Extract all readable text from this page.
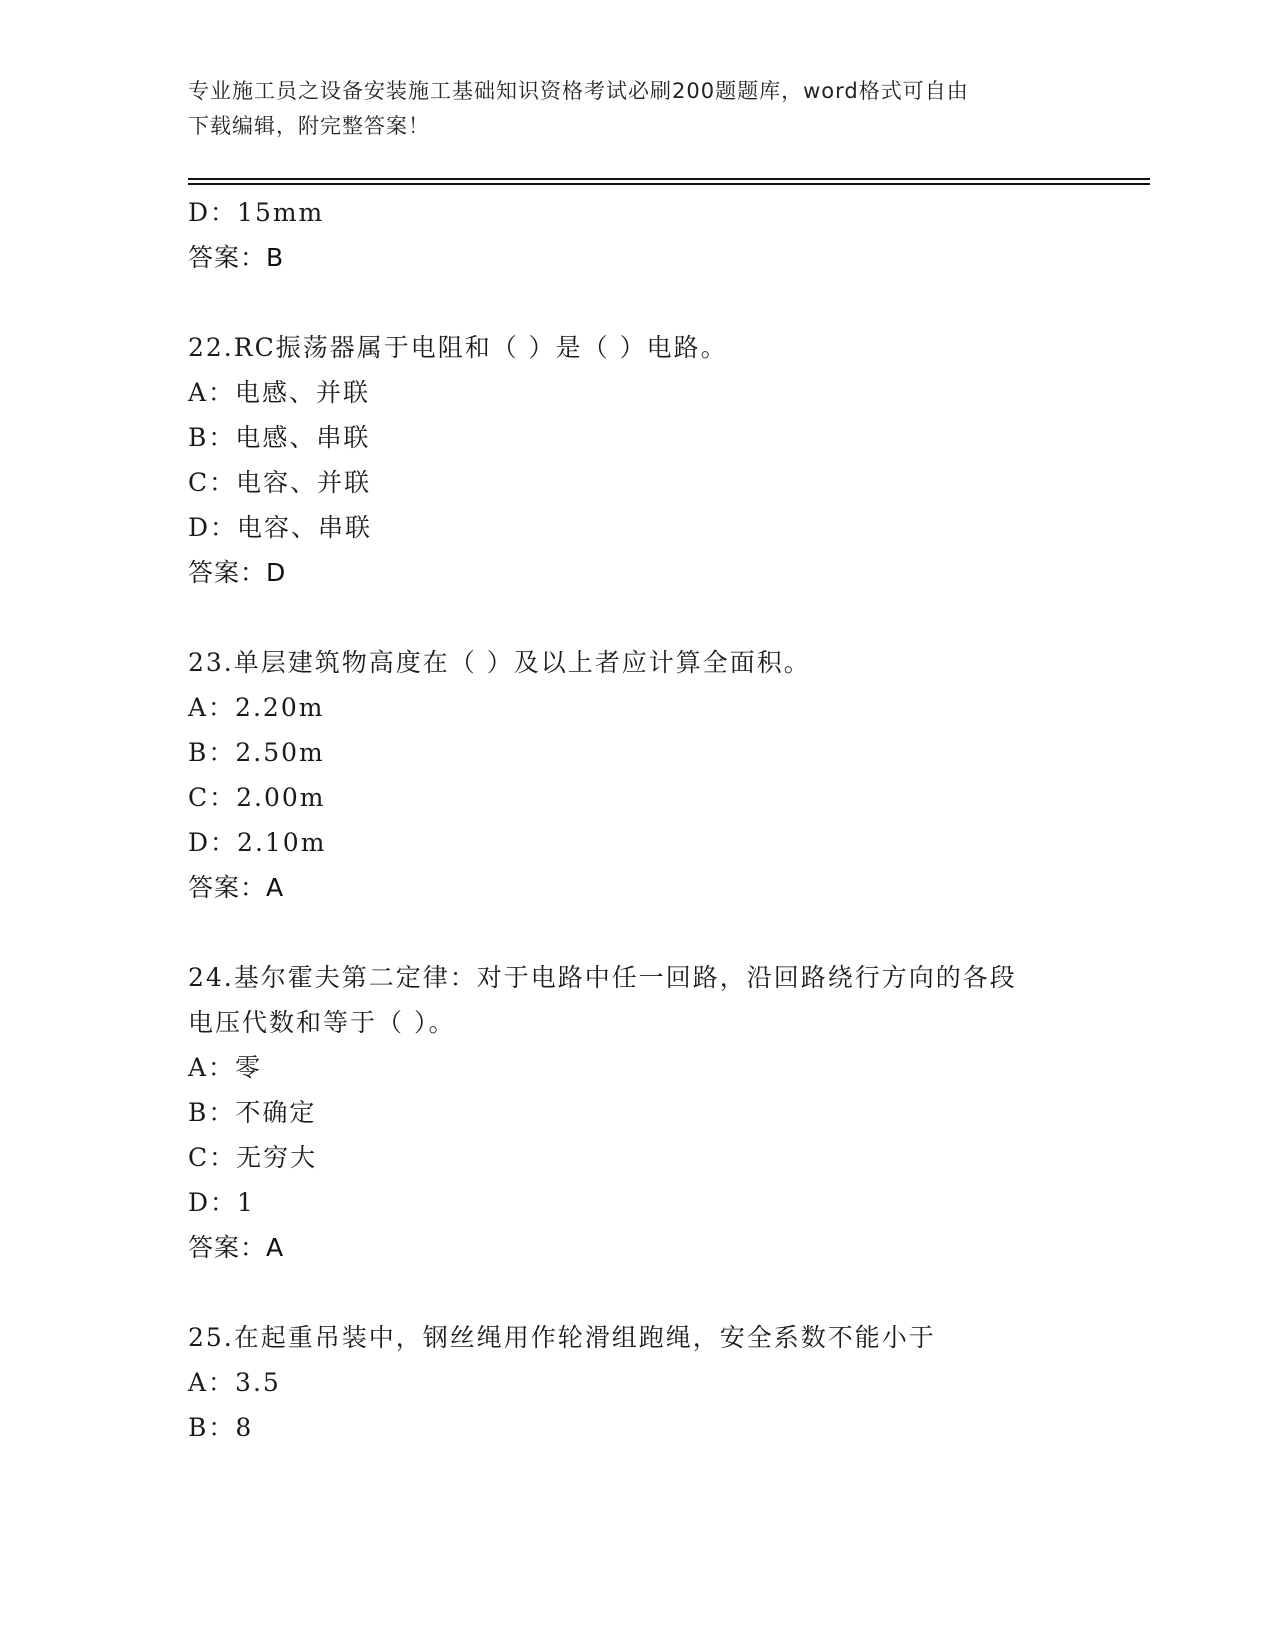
专业施工员之设备安装施工基础知识资格考试必刷200题题库，word格式可自由
下载编辑，附完整答案！
D：15mm
答案：B
22.RC振荡器属于电阻和（ ）是（ ）电路。
A：电感、并联
B：电感、串联
C：电容、并联
D：电容、串联
答案：D
23.单层建筑物高度在（ ）及以上者应计算全面积。
A：2.20m
B：2.50m
C：2.00m
D：2.10m
答案：A
24.基尔霍夫第二定律：对于电路中任一回路，沿回路绕行方向的各段
电压代数和等于（ ）。
A：零
B：不确定
C：无穷大
D：1
答案：A
25.在起重吊装中，钢丝绳用作轮滑组跑绳，安全系数不能小于
A：3.5
B：8
